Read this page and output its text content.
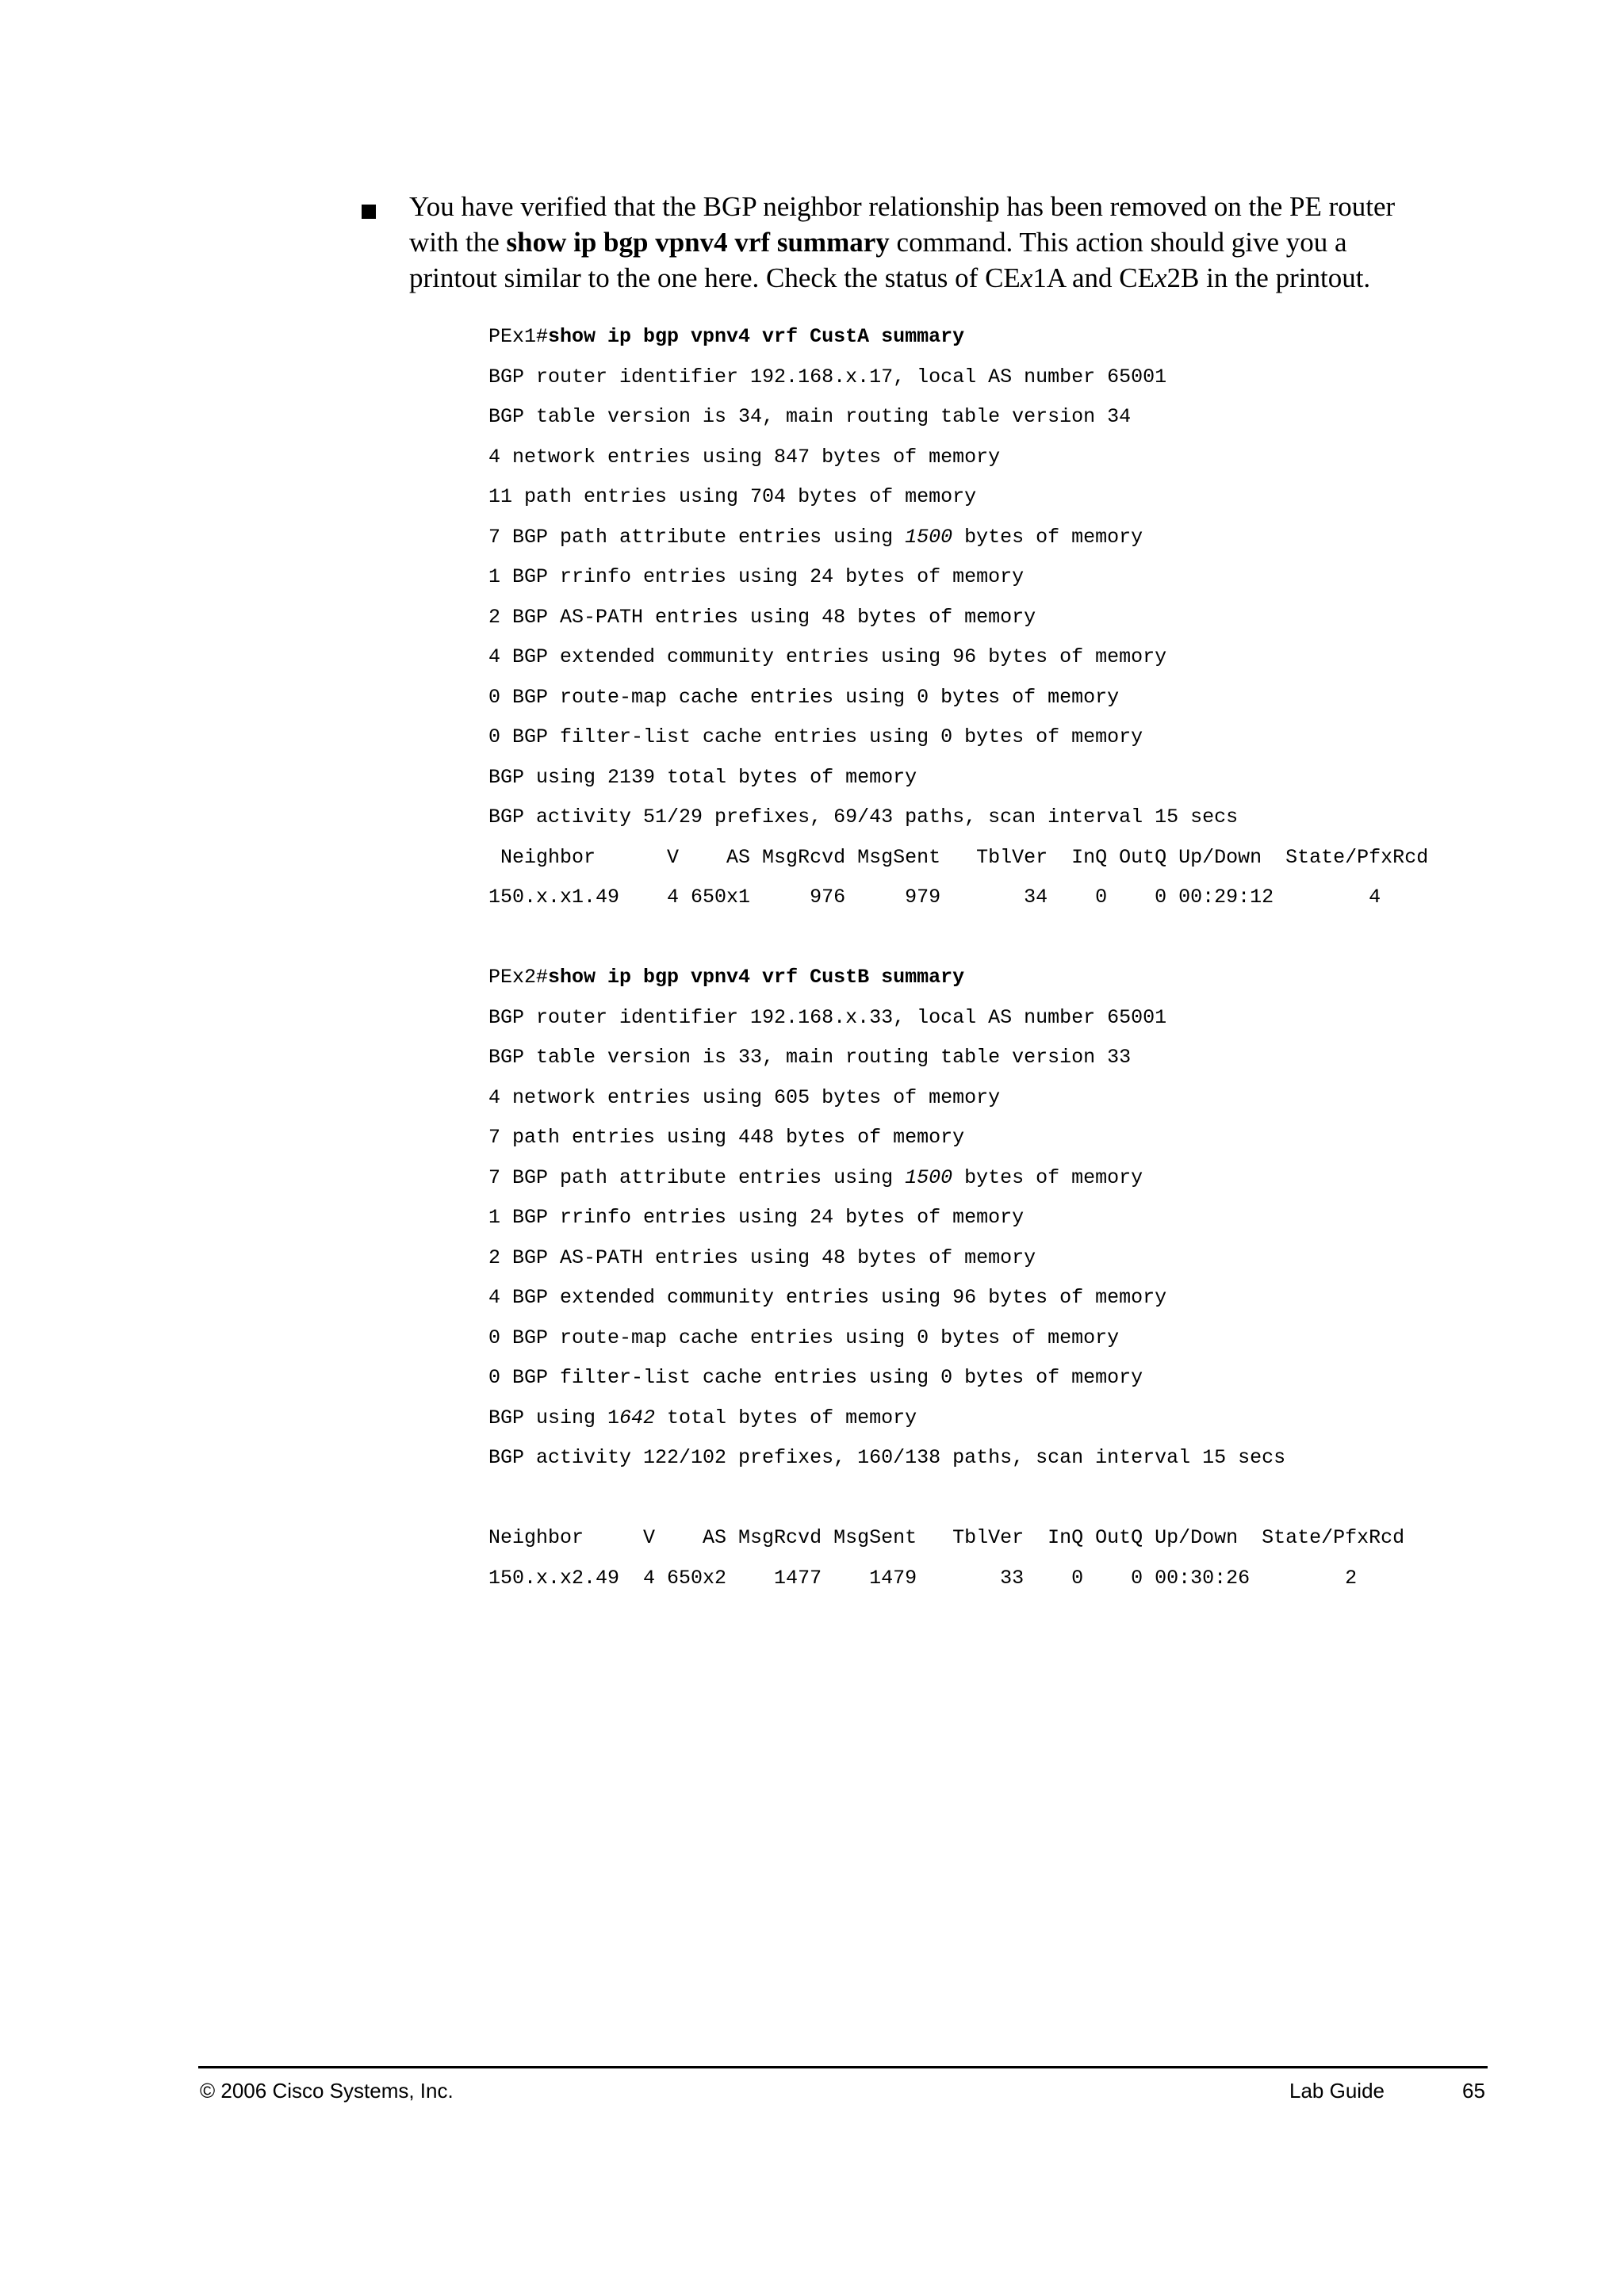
You have verified that the BGP neighbor relationship has been removed on the PE router
with the show ip bgp vpnv4 vrf summary command. This action should give you a
printout similar to the one here. Check the status of CEx1A and CEx2B in the printout.
PEx1#show ip bgp vpnv4 vrf CustA summary
BGP router identifier 192.168.x.17, local AS number 65001
BGP table version is 34, main routing table version 34
4 network entries using 847 bytes of memory
11 path entries using 704 bytes of memory
7 BGP path attribute entries using 1500 bytes of memory
1 BGP rrinfo entries using 24 bytes of memory
2 BGP AS-PATH entries using 48 bytes of memory
4 BGP extended community entries using 96 bytes of memory
0 BGP route-map cache entries using 0 bytes of memory
0 BGP filter-list cache entries using 0 bytes of memory
BGP using 2139 total bytes of memory
BGP activity 51/29 prefixes, 69/43 paths, scan interval 15 secs
Neighbor      V    AS MsgRcvd MsgSent   TblVer  InQ OutQ Up/Down  State/PfxRcd
150.x.x1.49    4 650x1     976     979       34    0    0 00:29:12        4
PEx2#show ip bgp vpnv4 vrf CustB summary
BGP router identifier 192.168.x.33, local AS number 65001
BGP table version is 33, main routing table version 33
4 network entries using 605 bytes of memory
7 path entries using 448 bytes of memory
7 BGP path attribute entries using 1500 bytes of memory
1 BGP rrinfo entries using 24 bytes of memory
2 BGP AS-PATH entries using 48 bytes of memory
4 BGP extended community entries using 96 bytes of memory
0 BGP route-map cache entries using 0 bytes of memory
0 BGP filter-list cache entries using 0 bytes of memory
BGP using 1642 total bytes of memory
BGP activity 122/102 prefixes, 160/138 paths, scan interval 15 secs
Neighbor     V    AS MsgRcvd MsgSent   TblVer  InQ OutQ Up/Down  State/PfxRcd
150.x.x2.49  4 650x2    1477    1479       33    0    0 00:30:26        2
© 2006 Cisco Systems, Inc.	Lab Guide	65
